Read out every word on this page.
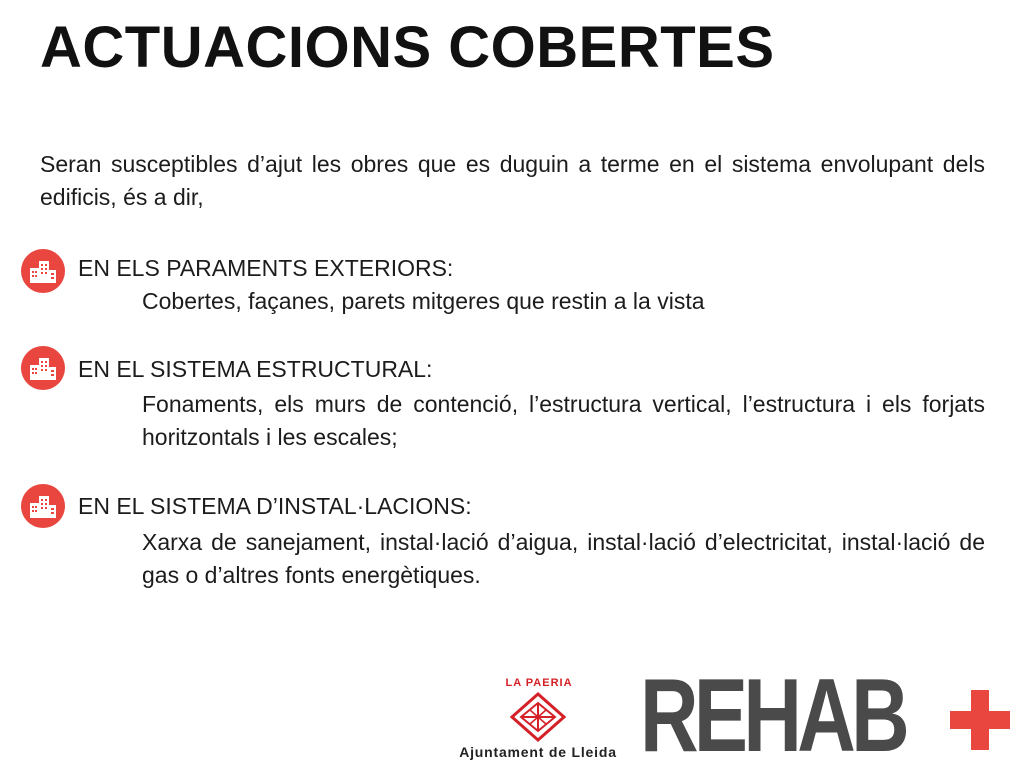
ACTUACIONS COBERTES
Seran susceptibles d’ajut les obres que es duguin a terme en el sistema envolupant dels edificis, és a dir,
EN ELS PARAMENTS EXTERIORS:
Cobertes, façanes, parets mitgeres que restin a la vista
EN EL SISTEMA ESTRUCTURAL:
Fonaments, els murs de contenció, l’estructura vertical, l’estructura i els forjats horitzontals i les escales;
EN EL SISTEMA D’INSTAL·LACIONS:
Xarxa de sanejament, instal·lació d’aigua, instal·lació d’electricitat, instal·lació de gas o d’altres fonts energètiques.
LA PAERIA
Ajuntament de Lleida REHAB
